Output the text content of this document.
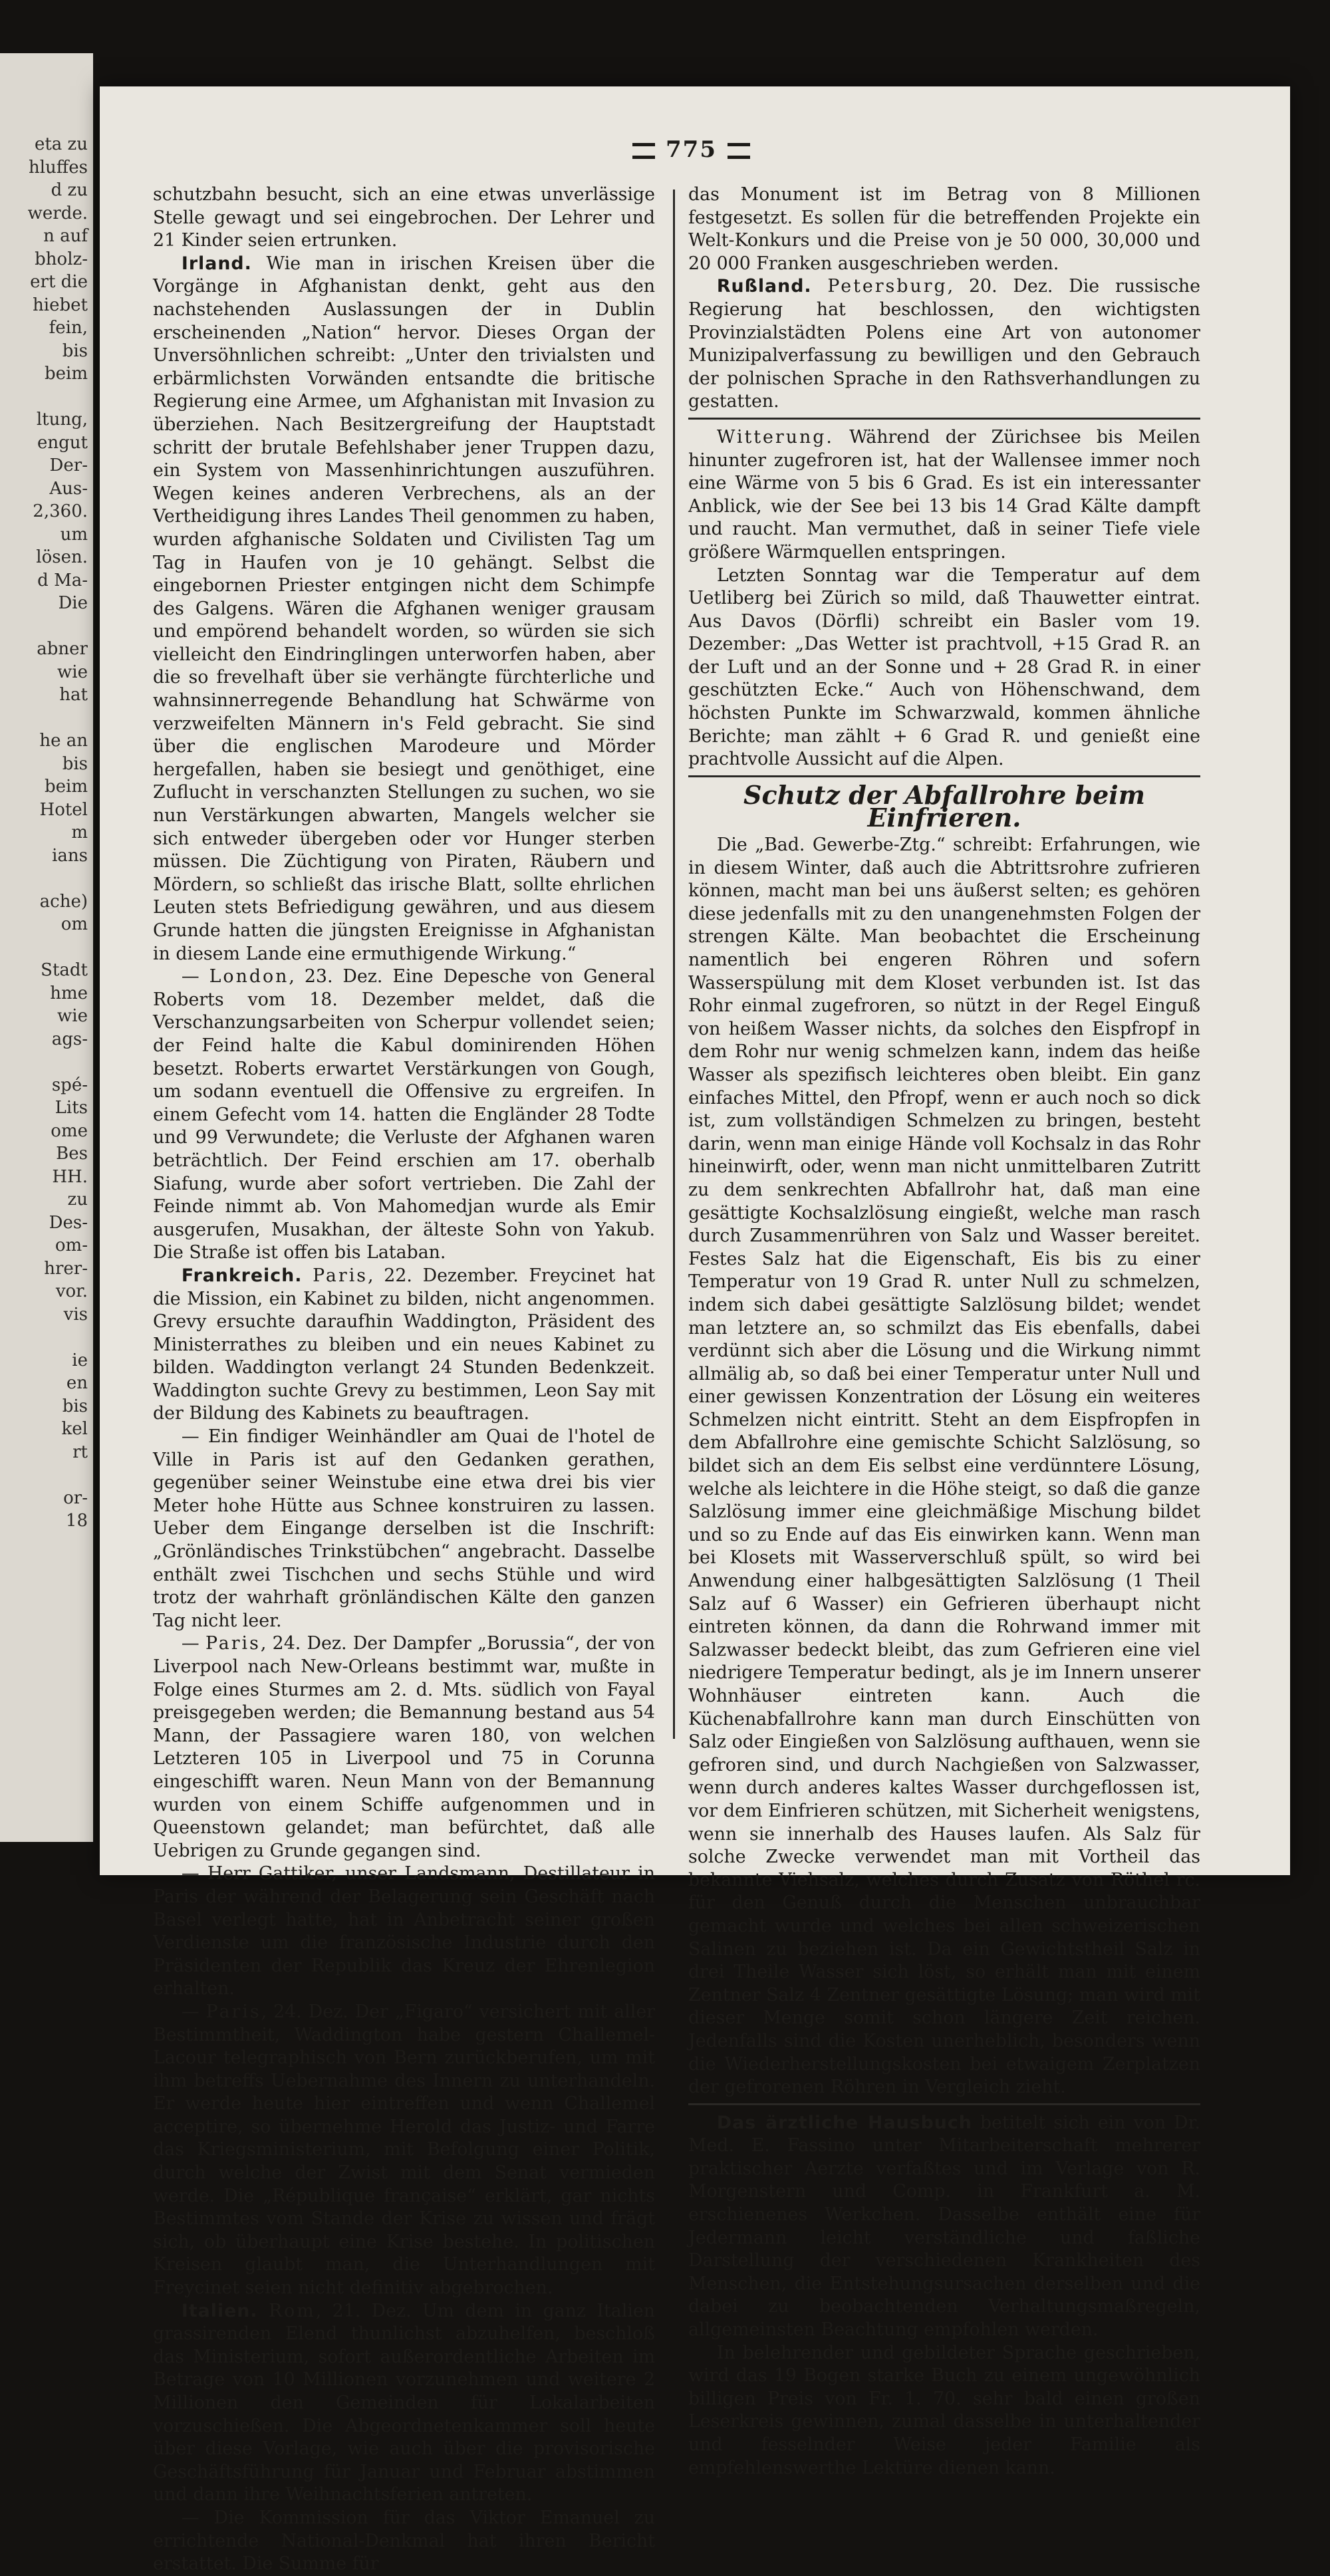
eta zu
hluffes
d zu
werde.
n auf
bholz-
ert die
hiebet
fein,
bis
beim

ltung,
engut
Der-
Aus-
2,360.
um
lösen.
d Ma-
Die

abner
wie
hat

he an
bis
beim
Hotel
m
ians

ache)
om

Stadt
hme
wie
ags-

spé-
Lits
ome
Bes
HH.
zu
Des-
om-
hrer-
vor.
vis

ie
en
bis
kel
rt

or-
18
775

schutzbahn besucht, sich an eine etwas unverlässige Stelle gewagt und sei eingebrochen. Der Lehrer und 21 Kinder seien ertrunken.

Irland. Wie man in irischen Kreisen über die Vorgänge in Afghanistan denkt, geht aus den nachstehenden Auslassungen der in Dublin erscheinenden „Nation“ hervor. Dieses Organ der Unversöhnlichen schreibt: „Unter den trivialsten und erbärmlichsten Vorwänden entsandte die britische Regierung eine Armee, um Afghanistan mit Invasion zu überziehen. Nach Besitzergreifung der Hauptstadt schritt der brutale Befehlshaber jener Truppen dazu, ein System von Massenhinrichtungen auszuführen. Wegen keines anderen Verbrechens, als an der Vertheidigung ihres Landes Theil genommen zu haben, wurden afghanische Soldaten und Civilisten Tag um Tag in Haufen von je 10 gehängt. Selbst die eingebornen Priester entgingen nicht dem Schimpfe des Galgens. Wären die Afghanen weniger grausam und empörend behandelt worden, so würden sie sich vielleicht den Eindringlingen unterworfen haben, aber die so frevelhaft über sie verhängte fürchterliche und wahnsinnerregende Behandlung hat Schwärme von verzweifelten Männern in's Feld gebracht. Sie sind über die englischen Marodeure und Mörder hergefallen, haben sie besiegt und genöthiget, eine Zuflucht in verschanzten Stellungen zu suchen, wo sie nun Verstärkungen abwarten, Mangels welcher sie sich entweder übergeben oder vor Hunger sterben müssen. Die Züchtigung von Piraten, Räubern und Mördern, so schließt das irische Blatt, sollte ehrlichen Leuten stets Befriedigung gewähren, und aus diesem Grunde hatten die jüngsten Ereignisse in Afghanistan in diesem Lande eine ermuthigende Wirkung.“

— London, 23. Dez. Eine Depesche von General Roberts vom 18. Dezember meldet, daß die Verschanzungsarbeiten von Scherpur vollendet seien; der Feind halte die Kabul dominirenden Höhen besetzt. Roberts erwartet Verstärkungen von Gough, um sodann eventuell die Offensive zu ergreifen. In einem Gefecht vom 14. hatten die Engländer 28 Todte und 99 Verwundete; die Verluste der Afghanen waren beträchtlich. Der Feind erschien am 17. oberhalb Siafung, wurde aber sofort vertrieben. Die Zahl der Feinde nimmt ab. Von Mahomedjan wurde als Emir ausgerufen, Musakhan, der älteste Sohn von Yakub. Die Straße ist offen bis Lataban.

Frankreich. Paris, 22. Dezember. Freycinet hat die Mission, ein Kabinet zu bilden, nicht angenommen. Grevy ersuchte daraufhin Waddington, Präsident des Ministerrathes zu bleiben und ein neues Kabinet zu bilden. Waddington verlangt 24 Stunden Bedenkzeit. Waddington suchte Grevy zu bestimmen, Leon Say mit der Bildung des Kabinets zu beauftragen.

— Ein findiger Weinhändler am Quai de l'hotel de Ville in Paris ist auf den Gedanken gerathen, gegenüber seiner Weinstube eine etwa drei bis vier Meter hohe Hütte aus Schnee konstruiren zu lassen. Ueber dem Eingange derselben ist die Inschrift: „Grönländisches Trinkstübchen“ angebracht. Dasselbe enthält zwei Tischchen und sechs Stühle und wird trotz der wahrhaft grönländischen Kälte den ganzen Tag nicht leer.

— Paris, 24. Dez. Der Dampfer „Borussia“, der von Liverpool nach New-Orleans bestimmt war, mußte in Folge eines Sturmes am 2. d. Mts. südlich von Fayal preisgegeben werden; die Bemannung bestand aus 54 Mann, der Passagiere waren 180, von welchen Letzteren 105 in Liverpool und 75 in Corunna eingeschifft waren. Neun Mann von der Bemannung wurden von einem Schiffe aufgenommen und in Queenstown gelandet; man befürchtet, daß alle Uebrigen zu Grunde gegangen sind.

— Herr Gattiker, unser Landsmann, Destillateur in Paris der während der Belagerung sein Geschäft nach Basel verlegt hatte, hat in Anbetracht seiner großen Verdienste um die französische Industrie durch den Präsidenten der Republik das Kreuz der Ehrenlegion erhalten.

— Paris, 24. Dez. Der „Figaro“ versichert mit aller Bestimmtheit, Waddington habe gestern Challemel-Lacour telegraphisch von Bern zurückberufen, um mit ihm betreffs Uebernahme des Innern zu unterhandeln. Er werde heute hier eintreffen und wenn Challemel acceptire, so übernehme Herold das Justiz- und Farre das Kriegsministerium, mit Befolgung einer Politik, durch welche der Zwist mit dem Senat vermieden werde. Die „République française“ erklärt, gar nichts Bestimmtes vom Stande der Krise zu wissen und frägt sich, ob überhaupt eine Krise bestehe. In politischen Kreisen glaubt man, die Unterhandlungen mit Freycinet seien nicht definitiv abgebrochen.

Italien. Rom, 21. Dez. Um dem in ganz Italien grassirenden Elend thunlichst abzuhelfen, beschloß das Ministerium, sofort außerordentliche Arbeiten im Betrage von 10 Millionen vorzunehmen und weitere 2 Millionen den Gemeinden für Lokalarbeiten vorzuschießen. Die Abgeordnetenkammer soll heute über diese Vorlage, wie auch über die provisorische Geschäftsführung für Januar und Februar abstimmen und dann ihre Weihnachtsferien antreten.

— Die Kommission für das Viktor Emanuel zu errichtende National-Denkmal hat ihren Bericht erstattet. Die Summe für

das Monument ist im Betrag von 8 Millionen festgesetzt. Es sollen für die betreffenden Projekte ein Welt-Konkurs und die Preise von je 50 000, 30,000 und 20 000 Franken ausgeschrieben werden.

Rußland. Petersburg, 20. Dez. Die russische Regierung hat beschlossen, den wichtigsten Provinzialstädten Polens eine Art von autonomer Munizipalverfassung zu bewilligen und den Gebrauch der polnischen Sprache in den Rathsverhandlungen zu gestatten.

Witterung. Während der Zürichsee bis Meilen hinunter zugefroren ist, hat der Wallensee immer noch eine Wärme von 5 bis 6 Grad. Es ist ein interessanter Anblick, wie der See bei 13 bis 14 Grad Kälte dampft und raucht. Man vermuthet, daß in seiner Tiefe viele größere Wärmquellen entspringen.

Letzten Sonntag war die Temperatur auf dem Uetliberg bei Zürich so mild, daß Thauwetter eintrat. Aus Davos (Dörfli) schreibt ein Basler vom 19. Dezember: „Das Wetter ist prachtvoll, +15 Grad R. an der Luft und an der Sonne und + 28 Grad R. in einer geschützten Ecke.“ Auch von Höhenschwand, dem höchsten Punkte im Schwarzwald, kommen ähnliche Berichte; man zählt + 6 Grad R. und genießt eine prachtvolle Aussicht auf die Alpen.

Schutz der Abfallrohre beim Einfrieren.

Die „Bad. Gewerbe-Ztg.“ schreibt: Erfahrungen, wie in diesem Winter, daß auch die Abtrittsrohre zufrieren können, macht man bei uns äußerst selten; es gehören diese jedenfalls mit zu den unangenehmsten Folgen der strengen Kälte. Man beobachtet die Erscheinung namentlich bei engeren Röhren und sofern Wasserspülung mit dem Kloset verbunden ist. Ist das Rohr einmal zugefroren, so nützt in der Regel Einguß von heißem Wasser nichts, da solches den Eispfropf in dem Rohr nur wenig schmelzen kann, indem das heiße Wasser als spezifisch leichteres oben bleibt. Ein ganz einfaches Mittel, den Pfropf, wenn er auch noch so dick ist, zum vollständigen Schmelzen zu bringen, besteht darin, wenn man einige Hände voll Kochsalz in das Rohr hineinwirft, oder, wenn man nicht unmittelbaren Zutritt zu dem senkrechten Abfallrohr hat, daß man eine gesättigte Kochsalzlösung eingießt, welche man rasch durch Zusammenrühren von Salz und Wasser bereitet. Festes Salz hat die Eigenschaft, Eis bis zu einer Temperatur von 19 Grad R. unter Null zu schmelzen, indem sich dabei gesättigte Salzlösung bildet; wendet man letztere an, so schmilzt das Eis ebenfalls, dabei verdünnt sich aber die Lösung und die Wirkung nimmt allmälig ab, so daß bei einer Temperatur unter Null und einer gewissen Konzentration der Lösung ein weiteres Schmelzen nicht eintritt. Steht an dem Eispfropfen in dem Abfallrohre eine gemischte Schicht Salzlösung, so bildet sich an dem Eis selbst eine verdünntere Lösung, welche als leichtere in die Höhe steigt, so daß die ganze Salzlösung immer eine gleichmäßige Mischung bildet und so zu Ende auf das Eis einwirken kann. Wenn man bei Klosets mit Wasserverschluß spült, so wird bei Anwendung einer halbgesättigten Salzlösung (1 Theil Salz auf 6 Wasser) ein Gefrieren überhaupt nicht eintreten können, da dann die Rohrwand immer mit Salzwasser bedeckt bleibt, das zum Gefrieren eine viel niedrigere Temperatur bedingt, als je im Innern unserer Wohnhäuser eintreten kann. Auch die Küchenabfallrohre kann man durch Einschütten von Salz oder Eingießen von Salzlösung aufthauen, wenn sie gefroren sind, und durch Nachgießen von Salzwasser, wenn durch anderes kaltes Wasser durchgeflossen ist, vor dem Einfrieren schützen, mit Sicherheit wenigstens, wenn sie innerhalb des Hauses laufen. Als Salz für solche Zwecke verwendet man mit Vortheil das bekannte Viehsalz, welches durch Zusatz von Röthel rc. für den Genuß durch die Menschen unbrauchbar gemacht wurde und welches bei allen schweizerischen Salinen zu beziehen ist. Da ein Gewichtstheil Salz in drei Theile Wasser sich löst, so erhält man mit einem Zentner Salz 4 Zentner gesättigte Lösung; man wird mit dieser Menge somit schon längere Zeit reichen. Jedenfalls sind die Kosten unerheblich, besonders wenn die Wiederherstellungskosten bei etwaigem Zerplatzen der gefrorenen Röhren in Vergleich zieht.

Das ärztliche Hausbuch betitelt sich ein von Dr. Med. E. Fassino unter Mitarbeiterschaft mehrerer praktischer Aerzte verfaßtes und im Verlage von R. Morgenstern und Comp. in Frankfurt a. M. erschienenes Werkchen. Dasselbe enthält eine für Jedermann leicht verständliche und faßliche Darstellung der verschiedenen Krankheiten des Menschen, die Entstehungsursachen derselben und die dabei zu beobachtenden Verhaltungsmaßregeln, allgemeinsten Beachtung empfohlen werden.

In belehrender und gebildeter Sprache geschrieben, wird das 19 Bogen starke Buch zu einem ungewöhnlich billigen Preis von Fr. 1. 70. sehr bald einen großen Leserkreis gewinnen, zumal dasselbe in unterhaltender und fesselnder Weise jeder Familie als empfehlenswerthe Lektüre dienen kann.
